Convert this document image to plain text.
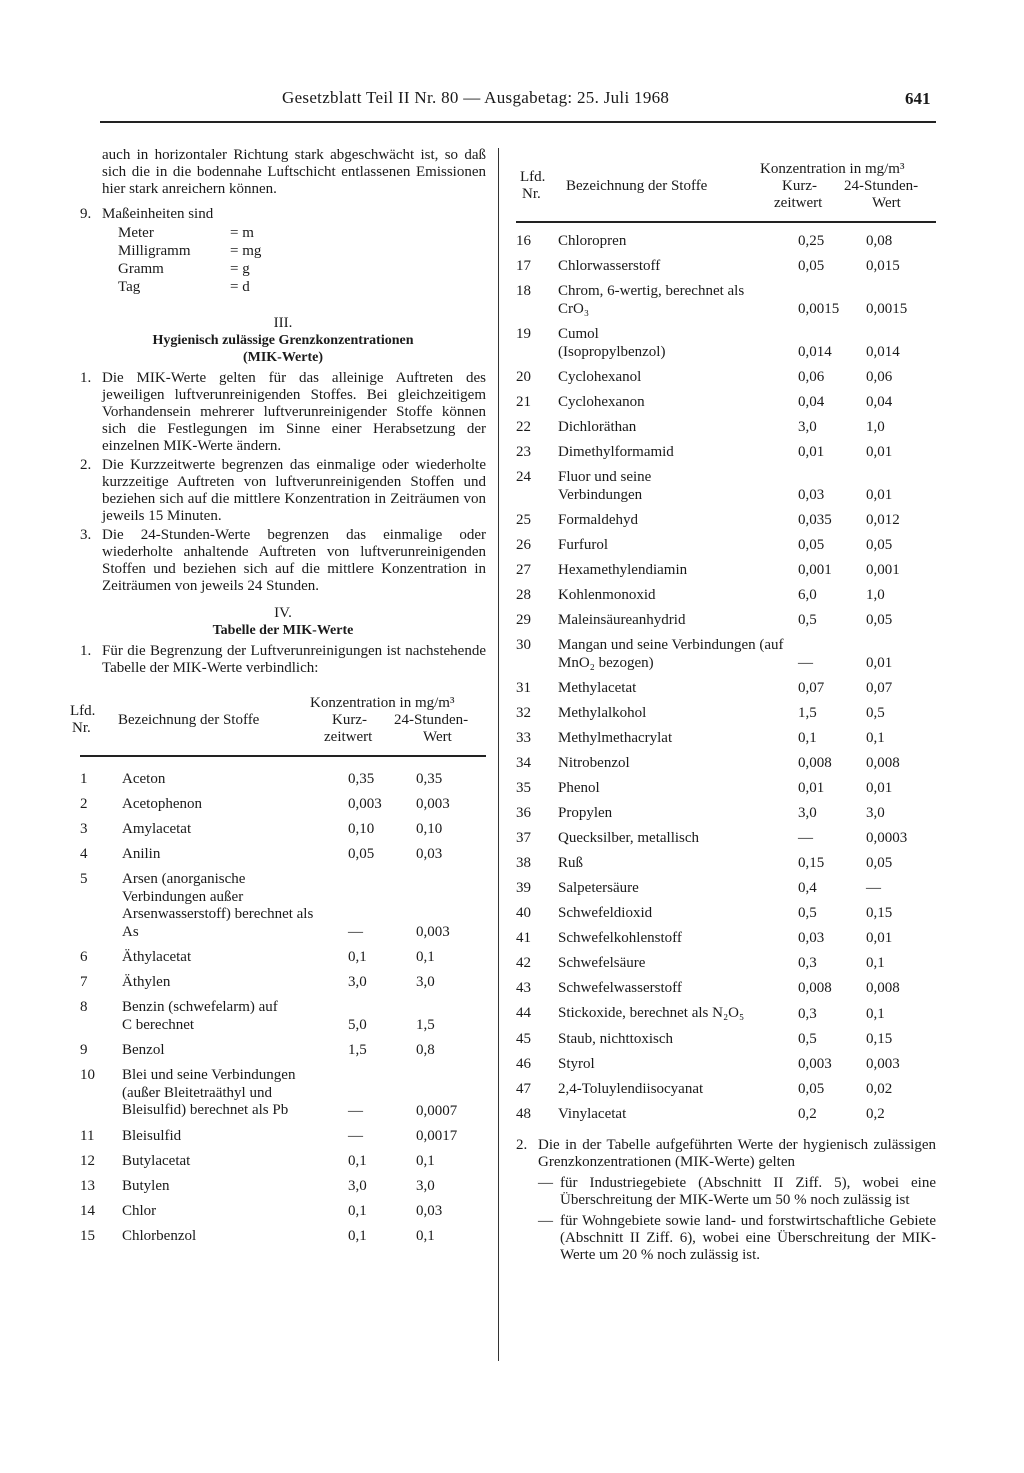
Gesetzblatt Teil II Nr. 80 — Ausgabetag: 25. Juli 1968	641
auch in horizontaler Richtung stark abgeschwächt ist, so daß sich die in die bodennahe Luftschicht entlassenen Emissionen hier stark anreichern können.
9. Maßeinheiten sind
Meter	= m
Milligramm	= mg
Gramm	= g
Tag	= d
III.
Hygienisch zulässige Grenzkonzentrationen
(MIK-Werte)
1. Die MIK-Werte gelten für das alleinige Auftreten des jeweiligen luftverunreinigenden Stoffes. Bei gleichzeitigem Vorhandensein mehrerer luftverunreinigender Stoffe können sich die Festlegungen im Sinne einer Herabsetzung der einzelnen MIK-Werte ändern.
2. Die Kurzzeitwerte begrenzen das einmalige oder wiederholte kurzzeitige Auftreten von luftverunreinigenden Stoffen und beziehen sich auf die mittlere Konzentration in Zeiträumen von jeweils 15 Minuten.
3. Die 24-Stunden-Werte begrenzen das einmalige oder wiederholte anhaltende Auftreten von luftverunreinigenden Stoffen und beziehen sich auf die mittlere Konzentration in Zeiträumen von jeweils 24 Stunden.
IV.
Tabelle der MIK-Werte
1. Für die Begrenzung der Luftverunreinigungen ist nachstehende Tabelle der MIK-Werte verbindlich:
Lfd.
Nr. Bezeichnung der Stoffe
Konzentration in mg/m³
Kurz-
zeitwert
24-Stunden-
Wert
1	Aceton	0,35	0,35
2	Acetophenon	0,003	0,003
3	Amylacetat	0,10	0,10
4	Anilin	0,05	0,03
5	Arsen (anorganische Verbindungen außer Arsenwasserstoff) berechnet als As	—	0,003
6	Äthylacetat	0,1	0,1
7	Äthylen	3,0	3,0
8	Benzin (schwefelarm) auf C berechnet	5,0	1,5
9	Benzol	1,5	0,8
10	Blei und seine Verbindungen (außer Bleitetraäthyl und Bleisulfid) berechnet als Pb	—	0,0007
11	Bleisulfid	—	0,0017
12	Butylacetat	0,1	0,1
13	Butylen	3,0	3,0
14	Chlor	0,1	0,03
15	Chlorbenzol	0,1	0,1
Lfd.
Nr. Bezeichnung der Stoffe
Konzentration in mg/m³
Kurz-
zeitwert
24-Stunden-
Wert
16	Chloropren	0,25	0,08
17	Chlorwasserstoff	0,05	0,015
18	Chrom, 6-wertig, berechnet als CrO₃	0,0015	0,0015
19	Cumol (Isopropylbenzol)	0,014	0,014
20	Cyclohexanol	0,06	0,06
21	Cyclohexanon	0,04	0,04
22	Dichloräthan	3,0	1,0
23	Dimethylformamid	0,01	0,01
24	Fluor und seine Verbindungen	0,03	0,01
25	Formaldehyd	0,035	0,012
26	Furfurol	0,05	0,05
27	Hexamethylendiamin	0,001	0,001
28	Kohlenmonoxid	6,0	1,0
29	Maleinsäureanhydrid	0,5	0,05
30	Mangan und seine Verbindungen (auf MnO₂ bezogen)	—	0,01
31	Methylacetat	0,07	0,07
32	Methylalkohol	1,5	0,5
33	Methylmethacrylat	0,1	0,1
34	Nitrobenzol	0,008	0,008
35	Phenol	0,01	0,01
36	Propylen	3,0	3,0
37	Quecksilber, metallisch	—	0,0003
38	Ruß	0,15	0,05
39	Salpetersäure	0,4	—
40	Schwefeldioxid	0,5	0,15
41	Schwefelkohlenstoff	0,03	0,01
42	Schwefelsäure	0,3	0,1
43	Schwefelwasserstoff	0,008	0,008
44	Stickoxide, berechnet als N₂O₅	0,3	0,1
45	Staub, nichttoxisch	0,5	0,15
46	Styrol	0,003	0,003
47	2,4-Toluylendiisocyanat	0,05	0,02
48	Vinylacetat	0,2	0,2
2. Die in der Tabelle aufgeführten Werte der hygienisch zulässigen Grenzkonzentrationen (MIK-Werte) gelten
— für Industriegebiete (Abschnitt II Ziff. 5), wobei eine Überschreitung der MIK-Werte um 50 % noch zulässig ist
— für Wohngebiete sowie land- und forstwirtschaftliche Gebiete (Abschnitt II Ziff. 6), wobei eine Überschreitung der MIK-Werte um 20 % noch zulässig ist.
